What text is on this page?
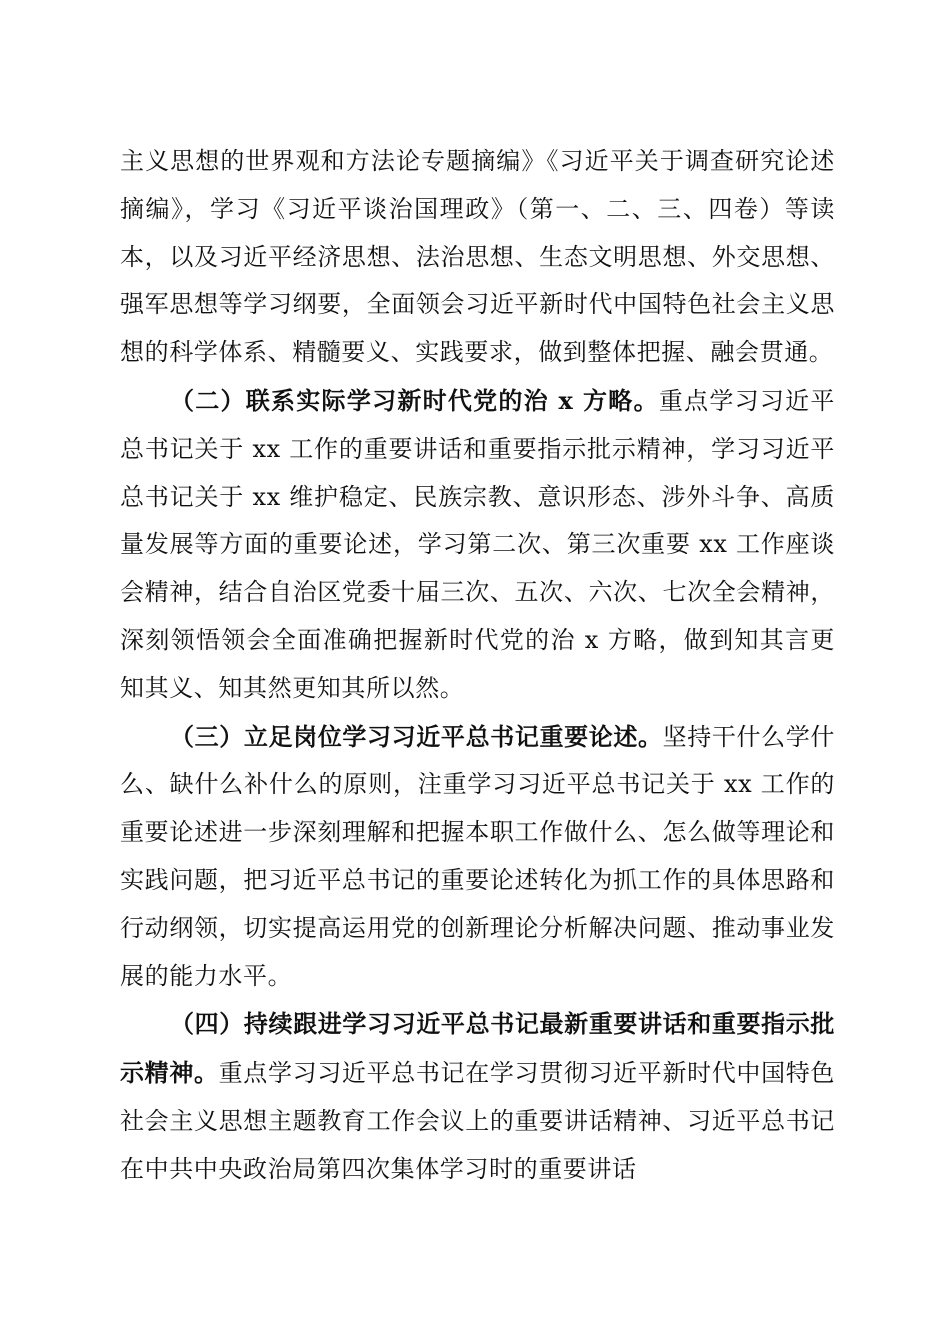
主义思想的世界观和方法论专题摘编》《习近平关于调查研究论述摘编》，学习《习近平谈治国理政》（第一、二、三、四卷）等读本，以及习近平经济思想、法治思想、生态文明思想、外交思想、强军思想等学习纲要，全面领会习近平新时代中国特色社会主义思想的科学体系、精髓要义、实践要求，做到整体把握、融会贯通。

（二）联系实际学习新时代党的治 x 方略。重点学习习近平总书记关于 xx 工作的重要讲话和重要指示批示精神，学习习近平总书记关于 xx 维护稳定、民族宗教、意识形态、涉外斗争、高质量发展等方面的重要论述，学习第二次、第三次重要 xx 工作座谈会精神，结合自治区党委十届三次、五次、六次、七次全会精神，深刻领悟领会全面准确把握新时代党的治 x 方略，做到知其言更知其义、知其然更知其所以然。

（三）立足岗位学习习近平总书记重要论述。坚持干什么学什么、缺什么补什么的原则，注重学习习近平总书记关于 xx 工作的重要论述进一步深刻理解和把握本职工作做什么、怎么做等理论和实践问题，把习近平总书记的重要论述转化为抓工作的具体思路和行动纲领，切实提高运用党的创新理论分析解决问题、推动事业发展的能力水平。

（四）持续跟进学习习近平总书记最新重要讲话和重要指示批示精神。重点学习习近平总书记在学习贯彻习近平新时代中国特色社会主义思想主题教育工作会议上的重要讲话精神、习近平总书记在中共中央政治局第四次集体学习时的重要讲话
